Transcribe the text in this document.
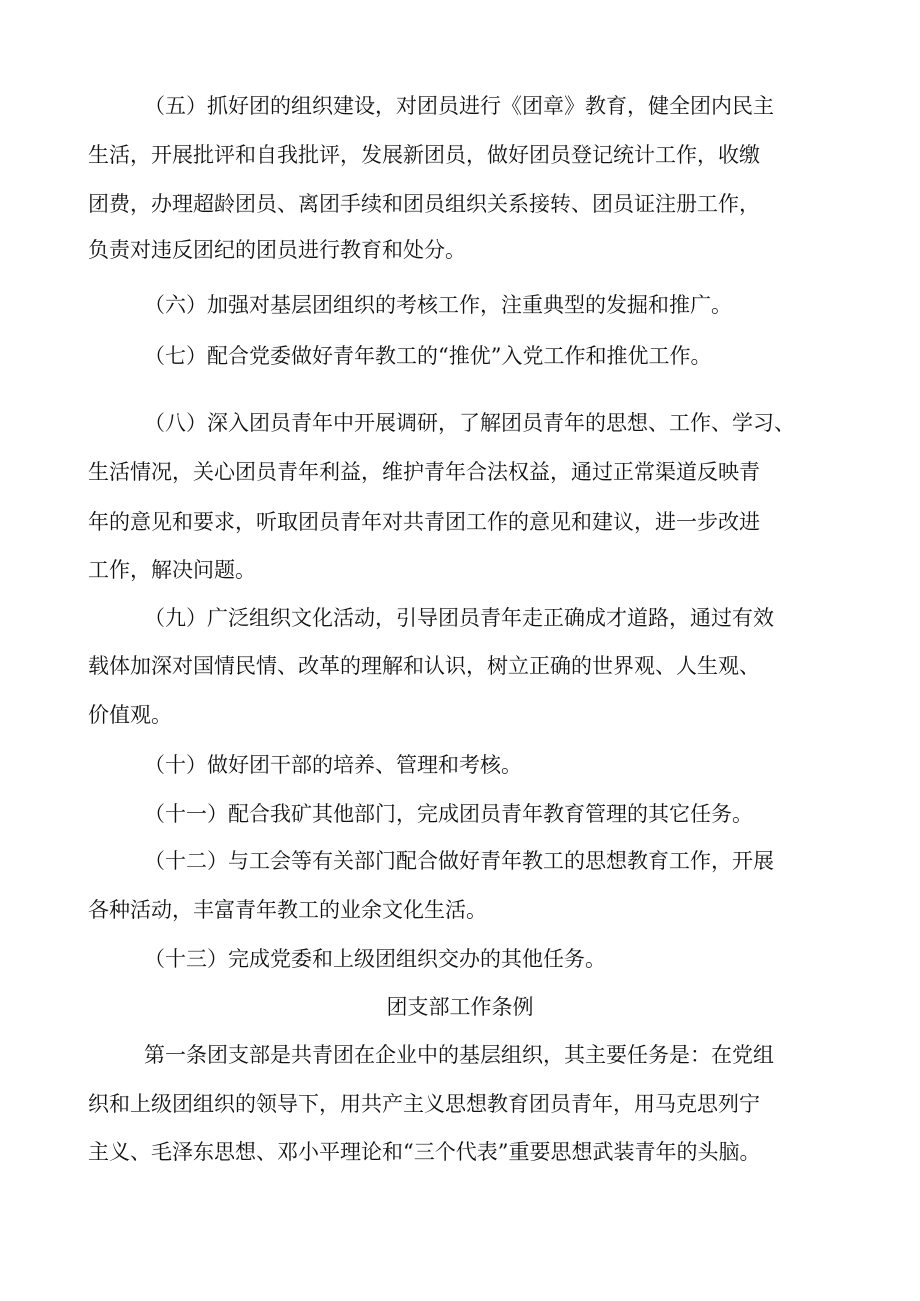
（五）抓好团的组织建设，对团员进行《团章》教育，健全团内民主
生活，开展批评和自我批评，发展新团员，做好团员登记统计工作，收缴
团费，办理超龄团员、离团手续和团员组织关系接转、团员证注册工作，
负责对违反团纪的团员进行教育和处分。
（六）加强对基层团组织的考核工作，注重典型的发掘和推广。
（七）配合党委做好青年教工的“推优”入党工作和推优工作。
（八）深入团员青年中开展调研，了解团员青年的思想、工作、学习、
生活情况，关心团员青年利益，维护青年合法权益，通过正常渠道反映青
年的意见和要求，听取团员青年对共青团工作的意见和建议，进一步改进
工作，解决问题。
（九）广泛组织文化活动，引导团员青年走正确成才道路，通过有效
载体加深对国情民情、改革的理解和认识，树立正确的世界观、人生观、
价值观。
（十）做好团干部的培养、管理和考核。
（十一）配合我矿其他部门，完成团员青年教育管理的其它任务。
（十二）与工会等有关部门配合做好青年教工的思想教育工作，开展
各种活动，丰富青年教工的业余文化生活。
（十三）完成党委和上级团组织交办的其他任务。
团支部工作条例
第一条团支部是共青团在企业中的基层组织，其主要任务是：在党组
织和上级团组织的领导下，用共产主义思想教育团员青年，用马克思列宁
主义、毛泽东思想、邓小平理论和“三个代表”重要思想武装青年的头脑。
